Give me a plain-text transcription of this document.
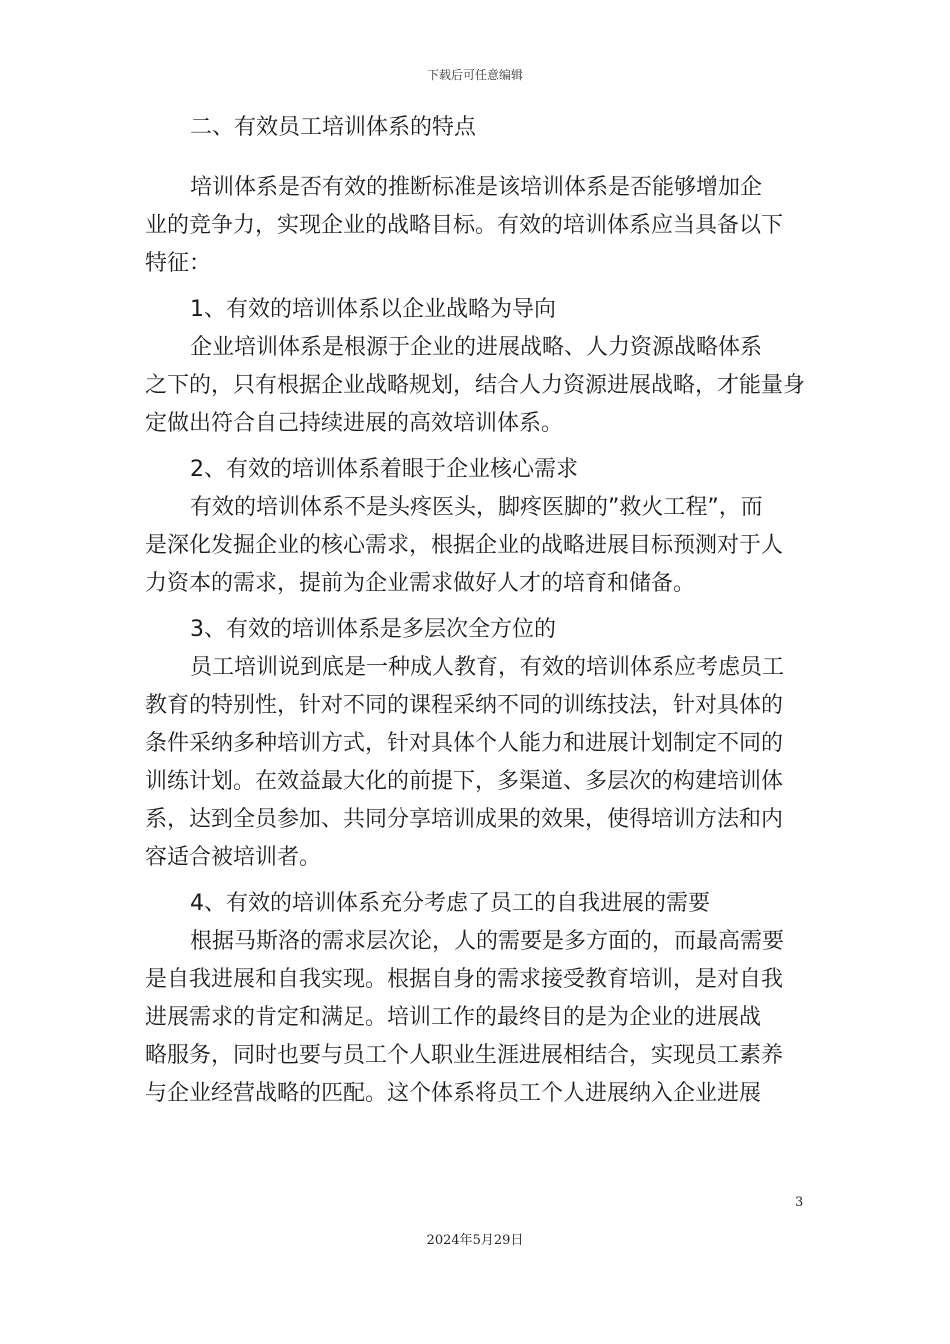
下载后可任意编辑
二、有效员工培训体系的特点
培训体系是否有效的推断标准是该培训体系是否能够增加企
业的竞争力，实现企业的战略目标。有效的培训体系应当具备以下
特征：
1、有效的培训体系以企业战略为导向
企业培训体系是根源于企业的进展战略、人力资源战略体系
之下的，只有根据企业战略规划，结合人力资源进展战略，才能量身
定做出符合自己持续进展的高效培训体系。
2、有效的培训体系着眼于企业核心需求
有效的培训体系不是头疼医头，脚疼医脚的”救火工程”，而
是深化发掘企业的核心需求，根据企业的战略进展目标预测对于人
力资本的需求，提前为企业需求做好人才的培育和储备。
3、有效的培训体系是多层次全方位的
员工培训说到底是一种成人教育，有效的培训体系应考虑员工
教育的特别性，针对不同的课程采纳不同的训练技法，针对具体的
条件采纳多种培训方式，针对具体个人能力和进展计划制定不同的
训练计划。在效益最大化的前提下，多渠道、多层次的构建培训体
系，达到全员参加、共同分享培训成果的效果，使得培训方法和内
容适合被培训者。
4、有效的培训体系充分考虑了员工的自我进展的需要
根据马斯洛的需求层次论，人的需要是多方面的，而最高需要
是自我进展和自我实现。根据自身的需求接受教育培训，是对自我
进展需求的肯定和满足。培训工作的最终目的是为企业的进展战
略服务，同时也要与员工个人职业生涯进展相结合，实现员工素养
与企业经营战略的匹配。这个体系将员工个人进展纳入企业进展
3
2024年5月29日
